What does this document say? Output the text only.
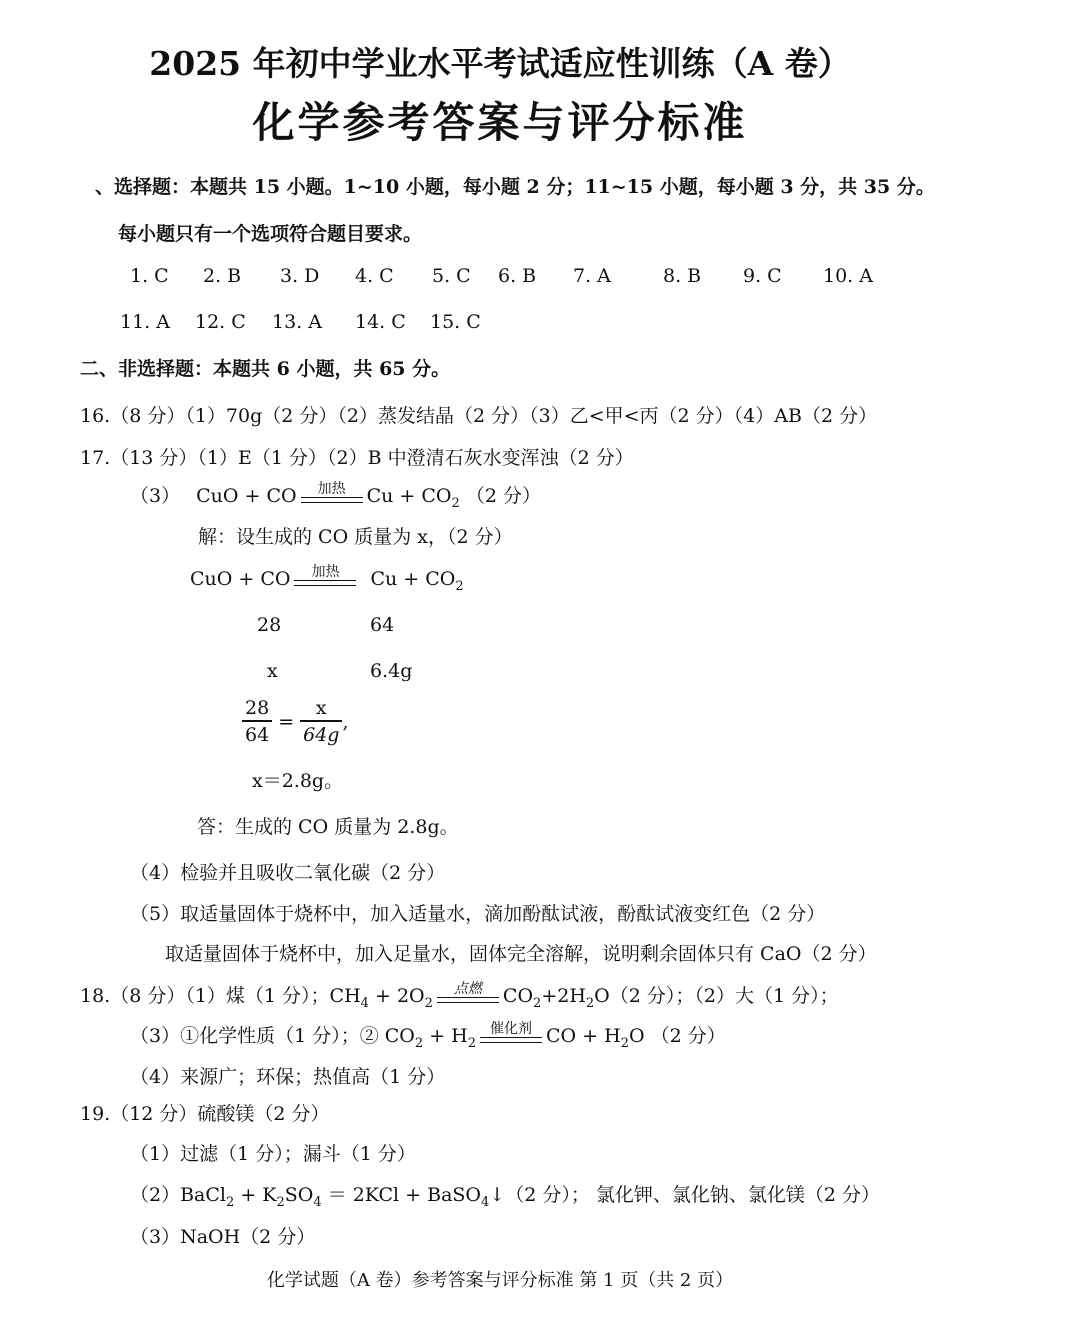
2025 年初中学业水平考试适应性训练（A 卷）
化学参考答案与评分标准
、选择题：本题共 15 小题。1~10 小题，每小题 2 分；11~15 小题，每小题 3 分，共 35 分。
每小题只有一个选项符合题目要求。
1. C 2. B 3. D 4. C 5. C 6. B 7. A	8. B 9. C 10. A
11. A 12. C 13. A 14. C 15. C
二、非选择题：本题共 6 小题，共 65 分。
16.（8 分）（1）70g（2 分）（2）蒸发结晶（2 分）（3）乙<甲<丙（2 分）（4）AB（2 分）
17.（13 分）（1）E（1 分）（2）B 中澄清石灰水变浑浊（2 分）
（3） CuO + CO	加热	$Cu + CO_2$ （2 分）
解：设生成的 CO 质量为 x，（2 分）
CuO + CO	加热	$Cu + CO_2$
28	64
x	6.4g
$\frac{28}{64} = \frac{x}{64g}$ ,
x＝2.8g。
答：生成的 CO 质量为 2.8g。
（4）检验并且吸收二氧化碳（2 分）
（5）取适量固体于烧杯中，加入适量水，滴加酚酞试液，酚酞试液变红色（2 分）
取适量固体于烧杯中，加入足量水，固体完全溶解，说明剩余固体只有 CaO（2 分）
18.（8 分）（1）煤（1 分）；$CH_4 + 2O_2$
点燃	$CO_2+2H_2O(2$ 分）；（2）大（1 分）；
（3）①化学性质（1 分）；② $CO_2 + H_2$
催化剂 CO + $H_2O$ （2 分）
（4）来源广；环保；热值高（1 分）
19.（12 分）硫酸镁（2 分）
（1）过滤（1 分）；漏斗（1 分）
（2）BaCl$_2$ + $K_2SO_4 = 2KCl$ + BaSO$_4$↓（2 分）； 氯化钾、氯化钠、氯化镁（2 分）
（3）NaOH（2 分）
化学试题（A 卷）参考答案与评分标准 第 1 页（共 2 页）
